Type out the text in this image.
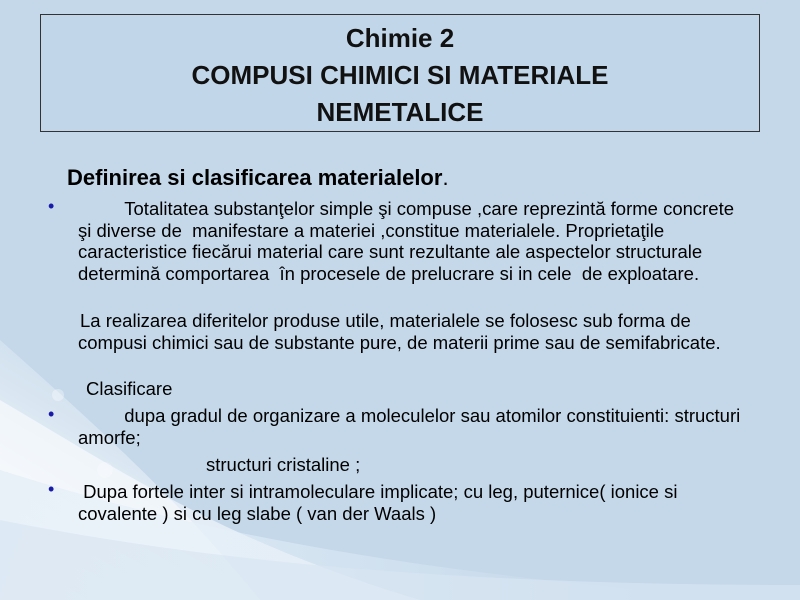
Chimie 2
COMPUSI CHIMICI SI MATERIALE
NEMETALICE
Definirea si clasificarea materialelor.
• Totalitatea substanţelor simple şi compuse ,care reprezintă forme concrete şi diverse de  manifestare a materiei ,constitue materialele. Proprietaţile caracteristice fiecărui material care sunt rezultante ale aspectelor structurale determină comportarea  în procesele de prelucrare si in cele  de exploatare.
La realizarea diferitelor produse utile, materialele se folosesc sub forma de compusi chimici sau de substante pure, de materii prime sau de semifabricate.
Clasificare
• dupa gradul de organizare a moleculelor sau atomilor constituienti: structuri amorfe;
structuri cristaline ;
• Dupa fortele inter si intramoleculare implicate; cu leg, puternice( ionice si covalente ) si cu leg slabe ( van der Waals )
